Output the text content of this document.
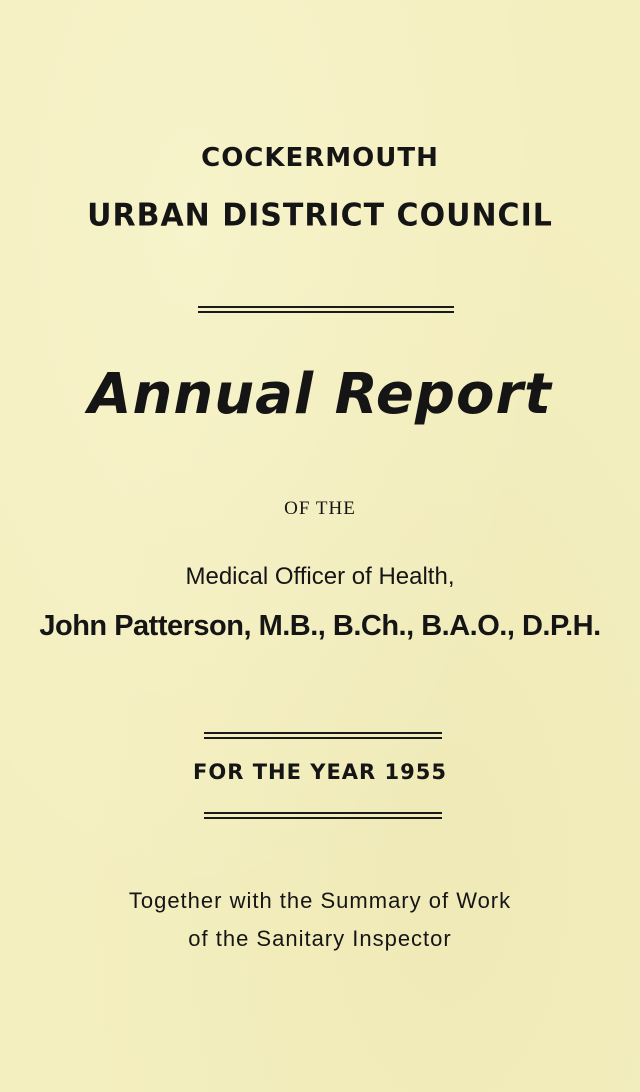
COCKERMOUTH
URBAN DISTRICT COUNCIL
Annual Report
OF THE
Medical Officer of Health,
John Patterson, M.B., B.Ch., B.A.O., D.P.H.
FOR THE YEAR 1955
Together with the Summary of Work
of the Sanitary Inspector
